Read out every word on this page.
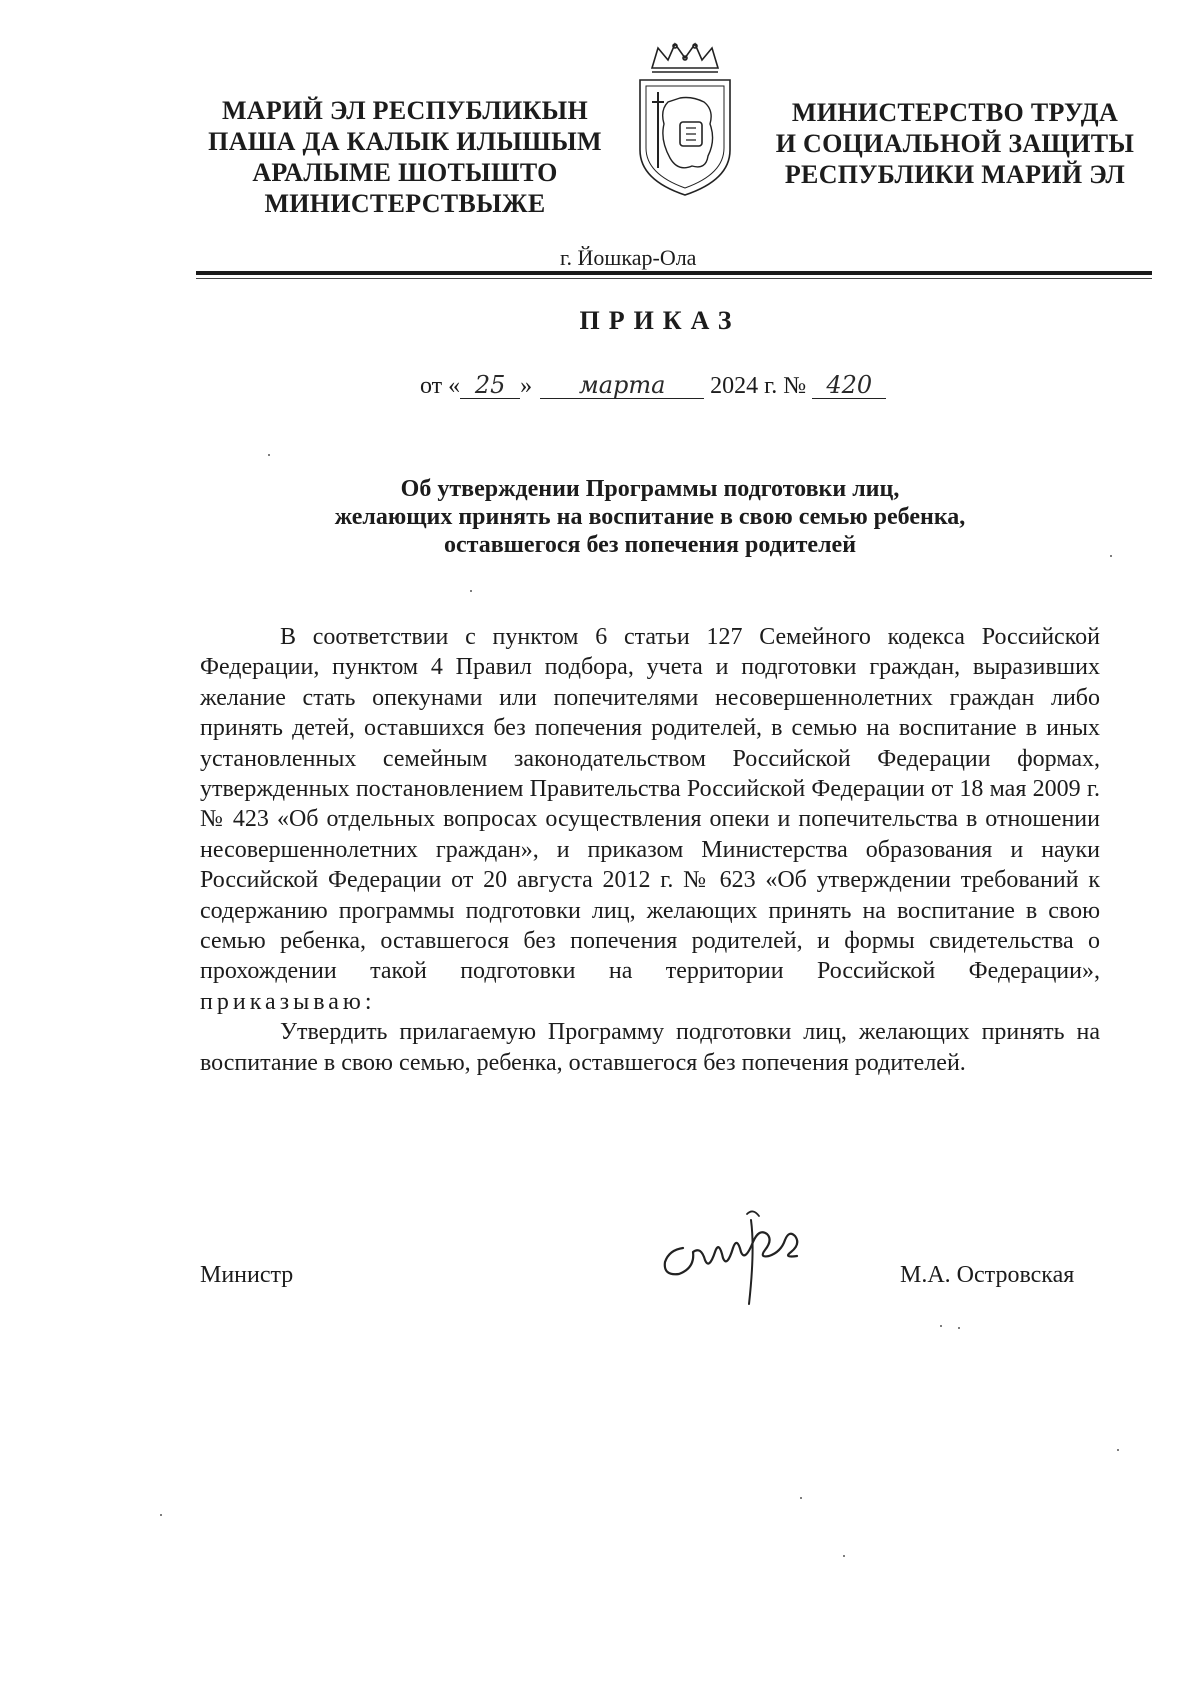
МАРИЙ ЭЛ РЕСПУБЛИКЫН
ПАША ДА КАЛЫК ИЛЫШЫМ
АРАЛЫМЕ ШОТЫШТО
МИНИСТЕРСТВЫЖЕ
МИНИСТЕРСТВО ТРУДА
И СОЦИАЛЬНОЙ ЗАЩИТЫ
РЕСПУБЛИКИ МАРИЙ ЭЛ
г. Йошкар-Ола
ПРИКАЗ
от « 25 » марта 2024 г. № 420
Об утверждении Программы подготовки лиц,
желающих принять на воспитание в свою семью ребенка,
оставшегося без попечения родителей

В соответствии с пунктом 6 статьи 127 Семейного кодекса Российской Федерации, пунктом 4 Правил подбора, учета и подготовки граждан, выразивших желание стать опекунами или попечителями несовершеннолетних граждан либо принять детей, оставшихся без попечения родителей, в семью на воспитание в иных установленных семейным законодательством Российской Федерации формах, утвержденных постановлением Правительства Российской Федерации от 18 мая 2009 г. № 423 «Об отдельных вопросах осуществления опеки и попечительства в отношении несовершеннолетних граждан», и приказом Министерства образования и науки Российской Федерации от 20 августа 2012 г. № 623 «Об утверждении требований к содержанию программы подготовки лиц, желающих принять на воспитание в свою семью ребенка, оставшегося без попечения родителей, и формы свидетельства о прохождении такой подготовки на территории Российской Федерации», приказываю:

Утвердить прилагаемую Программу подготовки лиц, желающих принять на воспитание в свою семью, ребенка, оставшегося без попечения родителей.

Министр	М.А. Островская
